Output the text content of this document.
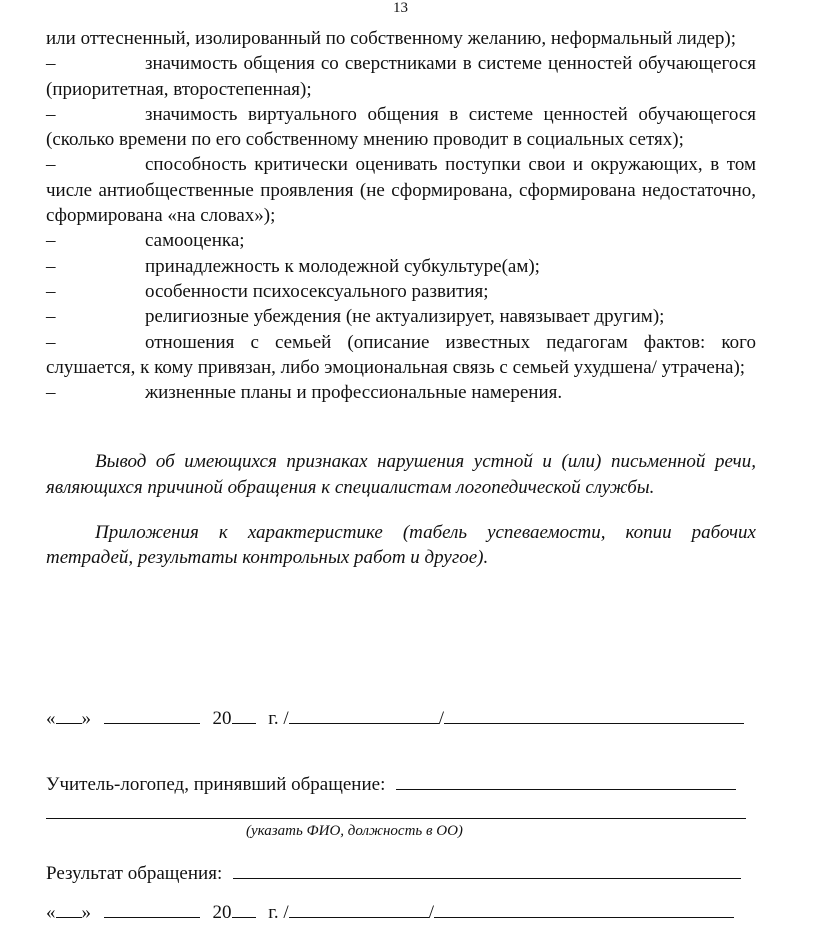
13

или оттесненный, изолированный по собственному желанию, неформальный лидер);

–	значимость общения со сверстниками в системе ценностей обучающегося (приоритетная, второстепенная);

–	значимость виртуального общения в системе ценностей обучающегося (сколько времени по его собственному мнению проводит в социальных сетях);

–	способность критически оценивать поступки свои и окружающих, в том числе антиобщественные проявления (не сформирована, сформирована недостаточно, сформирована «на словах»);

–	самооценка;

–	принадлежность к молодежной субкультуре(ам);

–	особенности психосексуального развития;

–	религиозные убеждения (не актуализирует, навязывает другим);

–	отношения с семьей (описание известных педагогам фактов: кого слушается, к кому привязан, либо эмоциональная связь с семьей ухудшена/ утрачена);

–	жизненные планы и профессиональные намерения.

Вывод об имеющихся признаках нарушения устной и (или) письменной речи, являющихся причиной обращения к специалистам логопедической службы.

Приложения к характеристике (табель успеваемости, копии рабочих тетрадей, результаты контрольных работ и другое).

« »	20 г. /	/
Учитель-логопед, принявший обращение:
(указать ФИО, должность в ОО)
Результат обращения:
« »	20 г. /	/
